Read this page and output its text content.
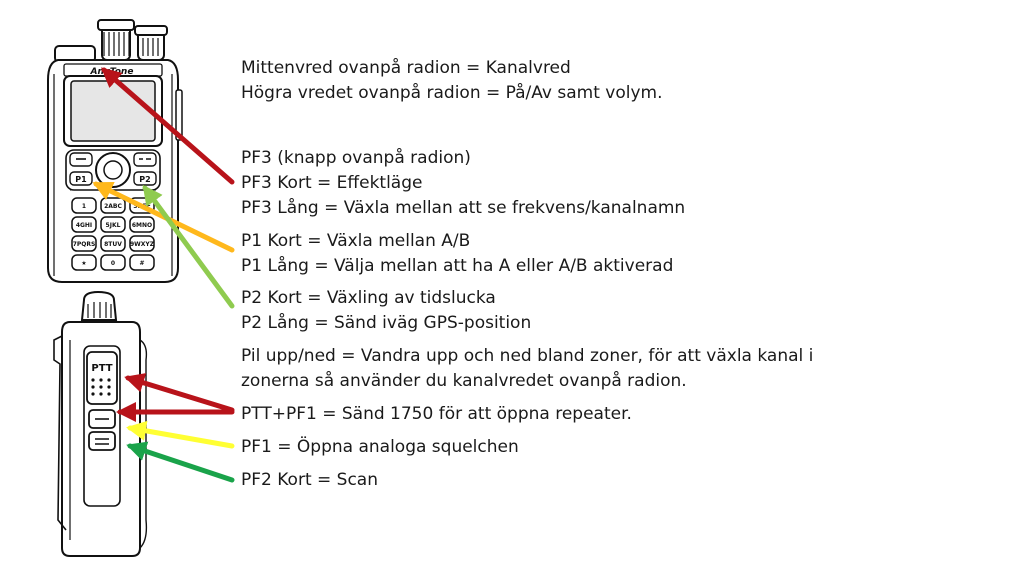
AnyTone
P1	P2
1	2ABC 3DEF
4GHI 5JKL 6MNO
7PQRS 8TUV 9WXYZ
★	0	#
PTT
Mittenvred ovanpå radion = Kanalvred
Högra vredet ovanpå radion = På/Av samt volym.
PF3 (knapp ovanpå radion)
PF3 Kort = Effektläge
PF3 Lång = Växla mellan att se frekvens/kanalnamn
P1 Kort = Växla mellan A/B
P1 Lång = Välja mellan att ha A eller A/B aktiverad
P2 Kort = Växling av tidslucka
P2 Lång = Sänd iväg GPS-position
Pil upp/ned = Vandra upp och ned bland zoner, för att växla kanal i
zonerna så använder du kanalvredet ovanpå radion.
PTT+PF1 = Sänd 1750 för att öppna repeater.
PF1 = Öppna analoga squelchen
PF2 Kort = Scan
